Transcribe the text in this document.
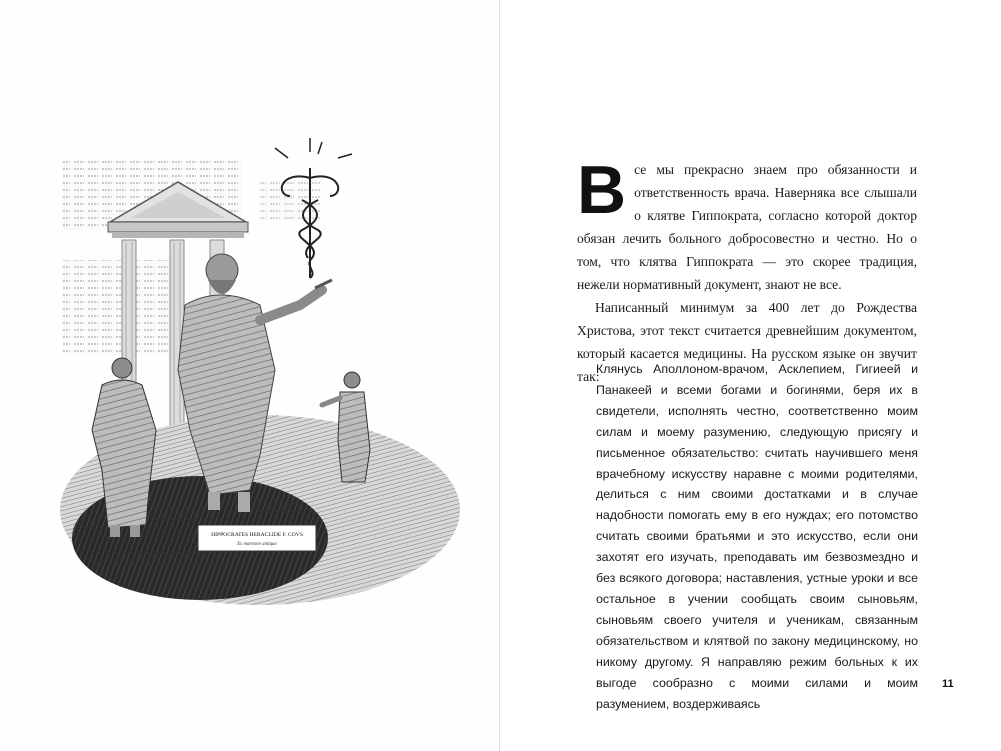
HIPPOCRATES HERACLIDE F. COVS
Ex marmore antiquo

Все мы прекрасно знаем про обязанности и ответственность врача. Наверняка все слышали о клятве Гиппократа, согласно которой доктор обязан лечить больного добросовестно и честно. Но о том, что клятва Гиппократа — это скорее традиция, нежели нормативный документ, знают не все.

Написанный минимум за 400 лет до Рождества Христова, этот текст считается древнейшим документом, который касается медицины. На русском языке он звучит так:

Клянусь Аполлоном-врачом, Асклепием, Гигиеей и Панакеей и всеми богами и богинями, беря их в свидетели, исполнять честно, соответственно моим силам и моему разумению, следующую присягу и письменное обязательство: считать научившего меня врачебному искусству наравне с моими родителями, делиться с ним своими достатками и в случае надобности помогать ему в его нуждах; его потомство считать своими братьями и это искусство, если они захотят его изучать, преподавать им безвозмездно и без всякого договора; наставления, устные уроки и все остальное в учении сообщать своим сыновьям, сыновьям своего учителя и ученикам, связанным обязательством и клятвой по закону медицинскому, но никому другому. Я направляю режим больных к их выгоде сообразно с моими силами и моим разумением, воздерживаясь

11
